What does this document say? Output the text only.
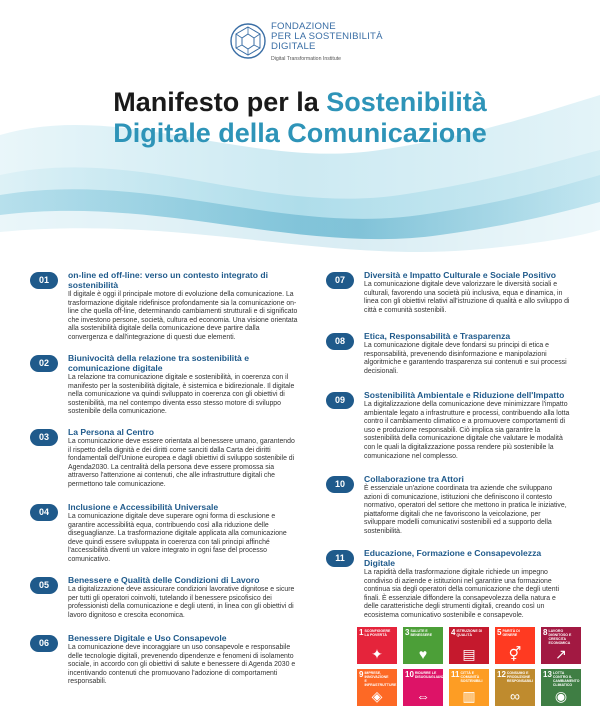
FONDAZIONE
PER LA SOSTENIBILITÀ
DIGITALE
Digital Transformation Institute
Manifesto per la Sostenibilità
Digitale della Comunicazione
01	on-line ed off-line: verso un contesto integrato di sostenibilità

Il digitale è oggi il principale motore di evoluzione della comunicazione. La trasformazione digitale ridefinisce profondamente sia la comunicazione on-line che quella off-line, determinando cambiamenti strutturali e di significato che investono persone, società, cultura ed economia. Una visione orientata alla sostenibilità digitale della comunicazione deve partire dalla convergenza e dall'integrazione di questi due elementi.

02	Biunivocità della relazione tra sostenibilità e comunicazione digitale

La relazione tra comunicazione digitale e sostenibilità, in coerenza con il manifesto per la sostenibilità digitale, è sistemica e bidirezionale. Il digitale nella comunicazione va quindi sviluppato in coerenza con gli obiettivi di sostenibilità, ma nel contempo diventa esso stesso motore di sviluppo sostenibile della comunicazione.

03	La Persona al Centro

La comunicazione deve essere orientata al benessere umano, garantendo il rispetto della dignità e dei diritti come sanciti dalla Carta dei diritti fondamentali dell'Unione europea e dagli obiettivi di sviluppo sostenibile di Agenda2030. La centralità della persona deve essere promossa sia attraverso l'attenzione ai contenuti, che alle infrastrutture digitali che permettono tale comunicazione.

04	Inclusione e Accessibilità Universale

La comunicazione digitale deve superare ogni forma di esclusione e garantire accessibilità equa, contribuendo così alla riduzione delle diseguaglianze. La trasformazione digitale applicata alla comunicazione deve quindi essere sviluppata in coerenza con tali principi affinché l'accessibilità diventi un valore integrato in ogni fase del processo comunicativo.

05	Benessere e Qualità delle Condizioni di Lavoro

La digitalizzazione deve assicurare condizioni lavorative dignitose e sicure per tutti gli operatori coinvolti, tutelando il benessere psicofisico dei professionisti della comunicazione e degli utenti, in linea con gli obiettivi di lavoro dignitoso e crescita economica.

06	Benessere Digitale e Uso Consapevole

La comunicazione deve incoraggiare un uso consapevole e responsabile delle tecnologie digitali, prevenendo dipendenze e fenomeni di isolamento sociale, in accordo con gli obiettivi di salute e benessere di Agenda 2030 e incentivando contenuti che promuovano l'adozione di comportamenti responsabili.

07	Diversità e Impatto Culturale e Sociale Positivo

La comunicazione digitale deve valorizzare le diversità sociali e culturali, favorendo una società più inclusiva, equa e dinamica, in linea con gli obiettivi relativi all'istruzione di qualità e allo sviluppo di città e comunità sostenibili.

08	Etica, Responsabilità e Trasparenza

La comunicazione digitale deve fondarsi su principi di etica e responsabilità, prevenendo disinformazione e manipolazioni algoritmiche e garantendo trasparenza sui contenuti e sui processi decisionali.

09	Sostenibilità Ambientale e Riduzione dell'Impatto

La digitalizzazione della comunicazione deve minimizzare l'impatto ambientale legato a infrastrutture e processi, contribuendo alla lotta contro il cambiamento climatico e a promuovere comportamenti di uso e produzione responsabili. Ciò implica sia garantire la sostenibilità della comunicazione digitale che valutare le modalità con le quali la digitalizzazione possa rendere più sostenibile la comunicazione nel complesso.

10	Collaborazione tra Attori

È essenziale un'azione coordinata tra aziende che sviluppano azioni di comunicazione, istituzioni che definiscono il contesto normativo, operatori del settore che mettono in pratica le iniziative, piattaforme digitali che ne favoriscono la veicolazione, per sviluppare modelli comunicativi sostenibili ed a supporto della sostenibilità.

11	Educazione, Formazione e Consapevolezza Digitale

La rapidità della trasformazione digitale richiede un impegno condiviso di aziende e istituzioni nel garantire una formazione continua sia degli operatori della comunicazione che degli utenti finali. È essenziale diffondere la consapevolezza della natura e delle caratteristiche degli strumenti digitali, creando così un ecosistema comunicativo sostenibile e consapevole.

1SCONFIGGERE LA POVERTÀ
✦
3SALUTE E BENESSERE
♥
4ISTRUZIONE DI QUALITÀ
▤
5PARITÀ DI GENERE
⚥
8LAVORO DIGNITOSO E CRESCITA ECONOMICA
↗
9IMPRESE, INNOVAZIONE E INFRASTRUTTURE
◈
10RIDURRE LE DISUGUAGLIANZE
⇔
11CITTÀ E COMUNITÀ SOSTENIBILI
▥
12CONSUMO E PRODUZIONE RESPONSABILI
∞
13LOTTA CONTRO IL CAMBIAMENTO CLIMATICO
◉
